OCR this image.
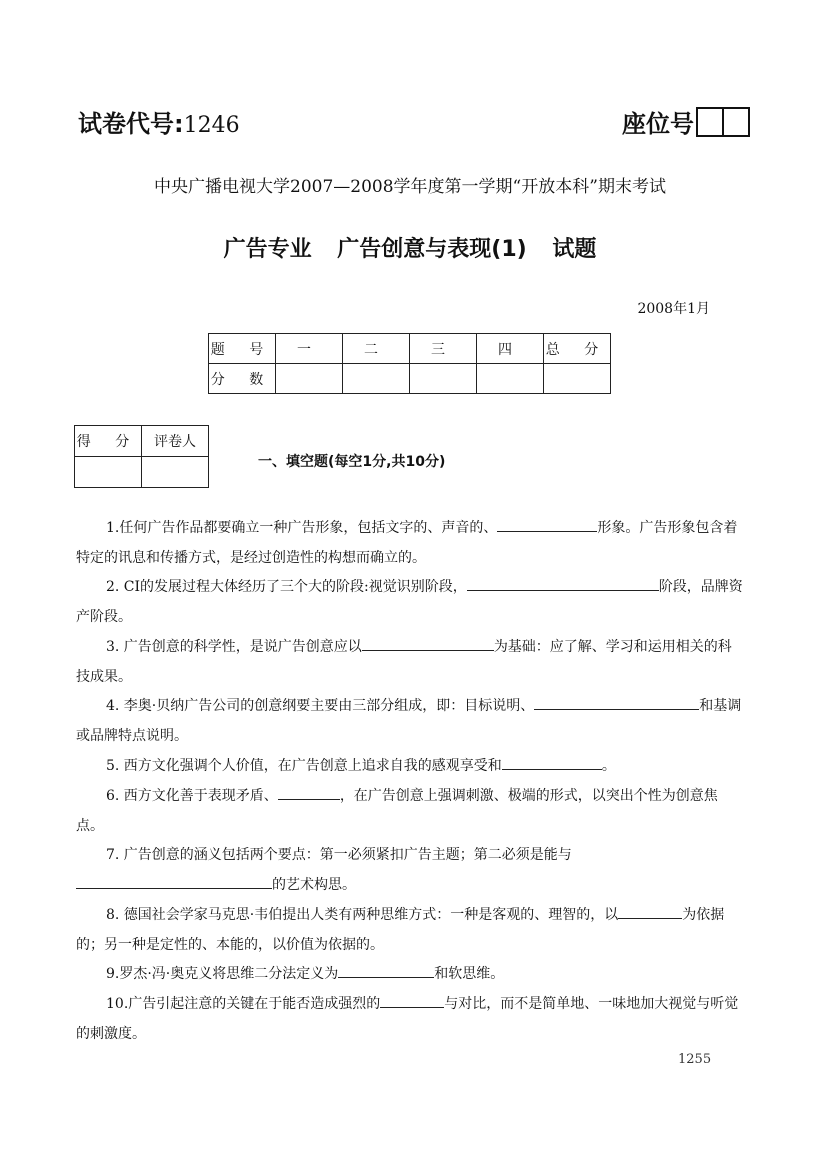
试卷代号:1246	座位号
中央广播电视大学2007—2008学年度第一学期“开放本科”期末考试
广告专业 广告创意与表现(1) 试题
2008年1月
题 号	一	二	三	四	总 分
分 数					
得 分	评卷人

一、填空题(每空1分,共10分)
1.任何广告作品都要确立一种广告形象，包括文字的、声音的、	形象。广告形象包含着特定的讯息和传播方式，是经过创造性的构想而确立的。
2. CI的发展过程大体经历了三个大的阶段:视觉识别阶段，	阶段，品牌资产阶段。
3. 广告创意的科学性，是说广告创意应以	为基础：应了解、学习和运用相关的科技成果。
4. 李奥·贝纳广告公司的创意纲要主要由三部分组成，即：目标说明、	和基调或品牌特点说明。
5. 西方文化强调个人价值，在广告创意上追求自我的感观享受和	。
6. 西方文化善于表现矛盾、	，在广告创意上强调刺激、极端的形式，以突出个性为创意焦点。
7. 广告创意的涵义包括两个要点：第一必须紧扣广告主题；第二必须是能与的艺术构思。
8. 德国社会学家马克思·韦伯提出人类有两种思维方式：一种是客观的、理智的，以	为依据的；另一种是定性的、本能的，以价值为依据的。
9.罗杰·冯·奥克义将思维二分法定义为	和软思维。
10.广告引起注意的关键在于能否造成强烈的	与对比，而不是简单地、一味地加大视觉与听觉的刺激度。
1255
